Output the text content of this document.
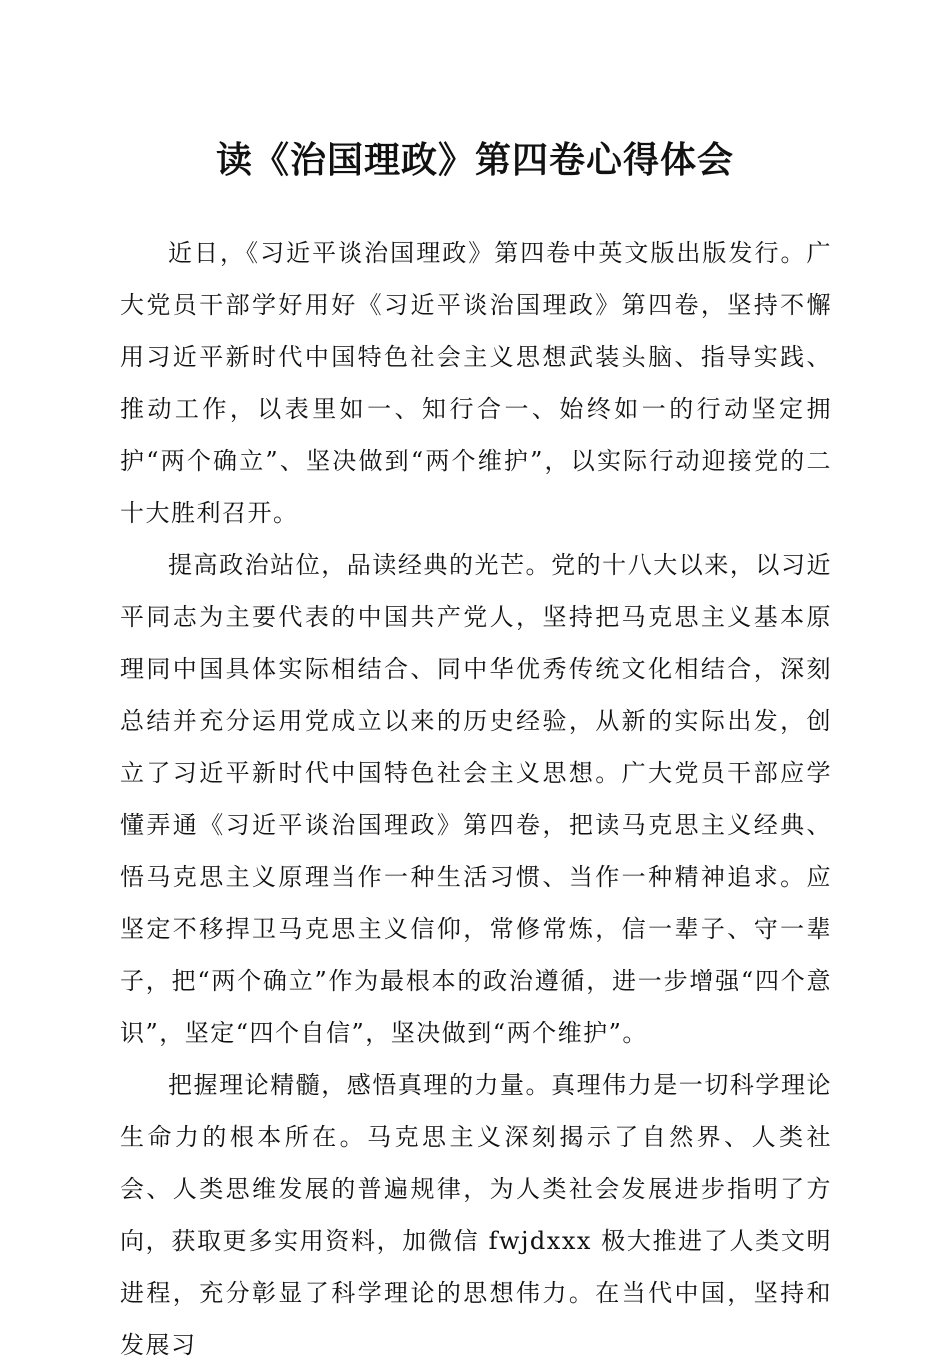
读《治国理政》第四卷心得体会

近日，《习近平谈治国理政》第四卷中英文版出版发行。广大党员干部学好用好《习近平谈治国理政》第四卷，坚持不懈用习近平新时代中国特色社会主义思想武装头脑、指导实践、推动工作，以表里如一、知行合一、始终如一的行动坚定拥护“两个确立”、坚决做到“两个维护”，以实际行动迎接党的二十大胜利召开。

提高政治站位，品读经典的光芒。党的十八大以来，以习近平同志为主要代表的中国共产党人，坚持把马克思主义基本原理同中国具体实际相结合、同中华优秀传统文化相结合，深刻总结并充分运用党成立以来的历史经验，从新的实际出发，创立了习近平新时代中国特色社会主义思想。广大党员干部应学懂弄通《习近平谈治国理政》第四卷，把读马克思主义经典、悟马克思主义原理当作一种生活习惯、当作一种精神追求。应坚定不移捍卫马克思主义信仰，常修常炼，信一辈子、守一辈子，把“两个确立”作为最根本的政治遵循，进一步增强“四个意识”，坚定“四个自信”，坚决做到“两个维护”。

把握理论精髓，感悟真理的力量。真理伟力是一切科学理论生命力的根本所在。马克思主义深刻揭示了自然界、人类社会、人类思维发展的普遍规律，为人类社会发展进步指明了方向，获取更多实用资料，加微信 fwjdxxx 极大推进了人类文明进程，充分彰显了科学理论的思想伟力。在当代中国，坚持和发展习
